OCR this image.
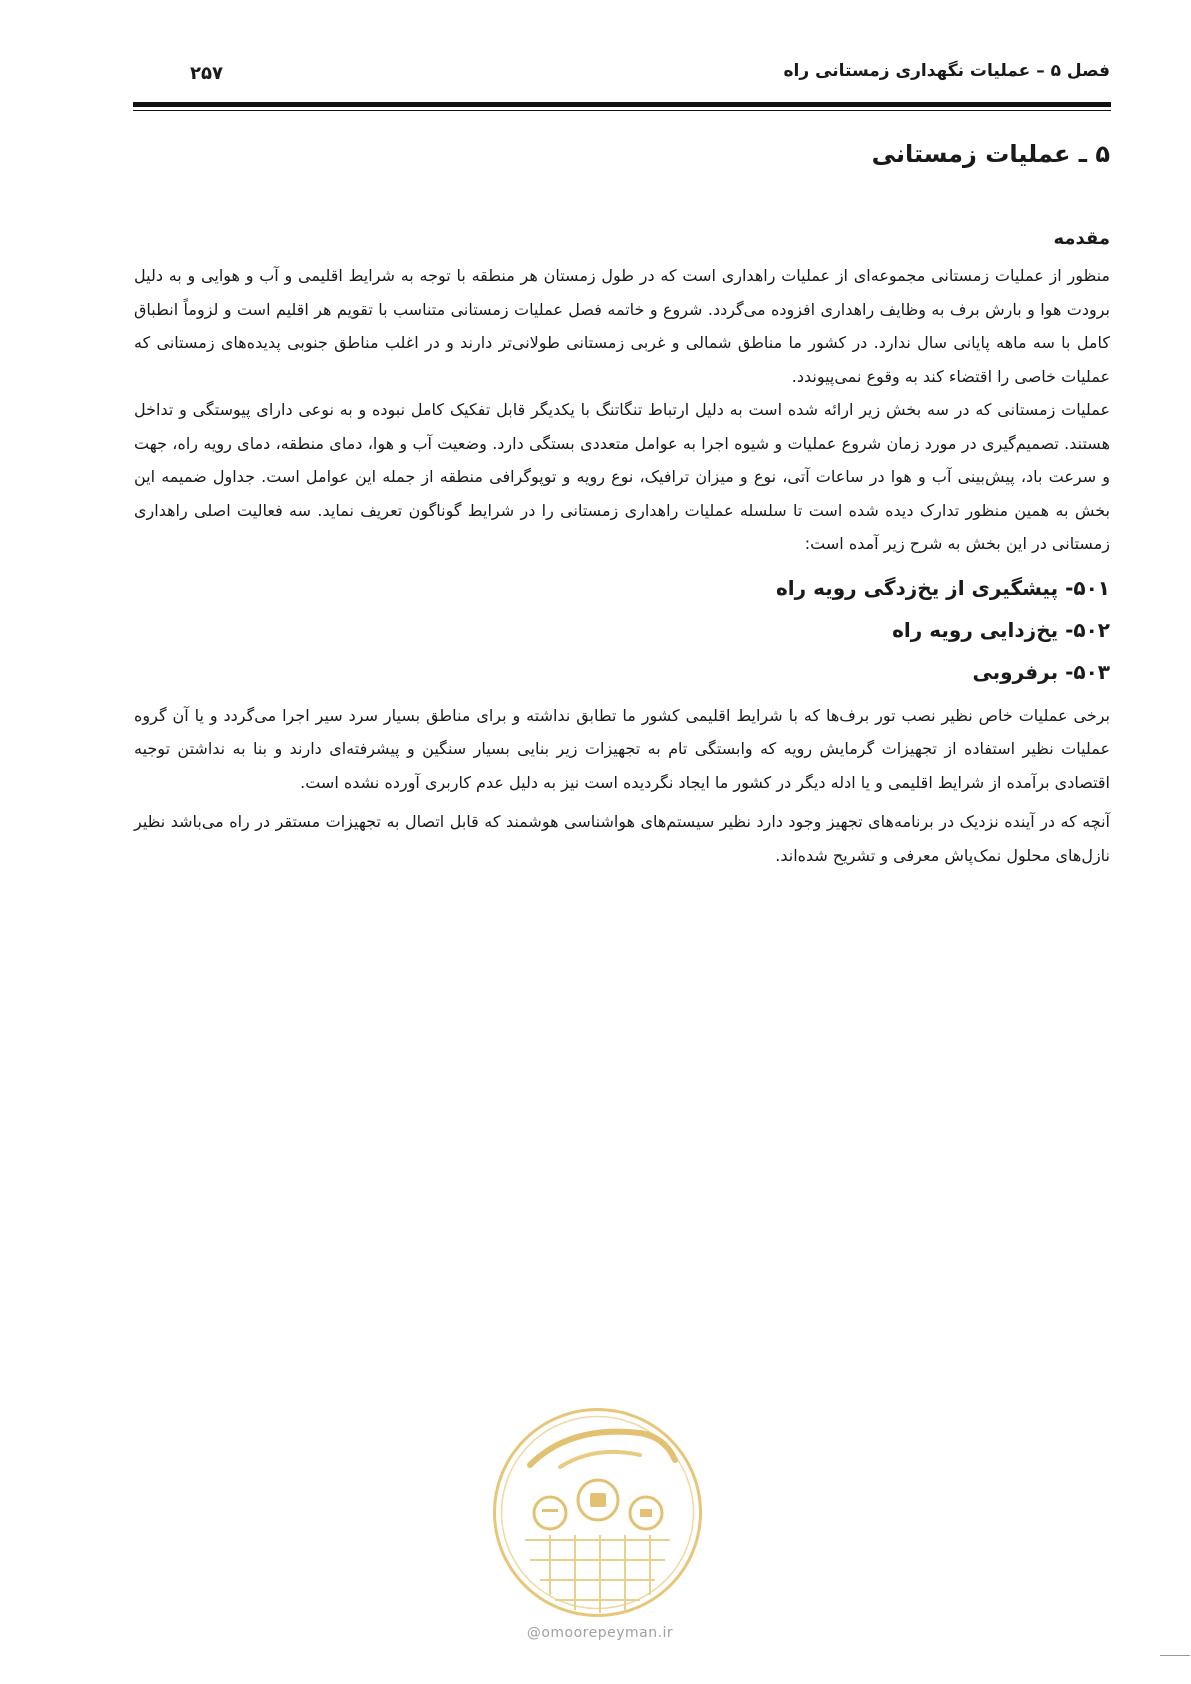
فصل ۵ – عملیات نگهداری زمستانی راه
۲۵۷
۵ ـ عملیات زمستانی
مقدمه

منظور از عملیات زمستانی مجموعه‌ای از عملیات راهداری است که در طول زمستان هر منطقه با توجه به شرایط اقلیمی و آب و هوایی و به دلیل برودت هوا و بارش برف به وظایف راهداری افزوده می‌گردد. شروع و خاتمه فصل عملیات زمستانی متناسب با تقویم هر اقلیم است و لزوماً انطباق کامل با سه ماهه پایانی سال ندارد. در کشور ما مناطق شمالی و غربی زمستانی طولانی‌تر دارند و در اغلب مناطق جنوبی پدیده‌های زمستانی که عملیات خاصی را اقتضاء کند به وقوع نمی‌پیوندد.

عملیات زمستانی که در سه بخش زیر ارائه شده است به دلیل ارتباط تنگاتنگ با یکدیگر قابل تفکیک کامل نبوده و به نوعی دارای پیوستگی و تداخل هستند. تصمیم‌گیری در مورد زمان شروع عملیات و شیوه اجرا به عوامل متعددی بستگی دارد. وضعیت آب و هوا، دمای منطقه، دمای رویه راه، جهت و سرعت باد، پیش‌بینی آب و هوا در ساعات آتی، نوع و میزان ترافیک، نوع رویه و توپوگرافی منطقه از جمله این عوامل است. جداول ضمیمه این بخش به همین منظور تدارک دیده شده است تا سلسله عملیات راهداری زمستانی را در شرایط گوناگون تعریف نماید. سه فعالیت اصلی راهداری زمستانی در این بخش به شرح زیر آمده است:

۵۰۱- پیشگیری از یخ‌زدگی رویه راه
۵۰۲- یخ‌زدایی رویه راه
۵۰۳- برفروبی

برخی عملیات خاص نظیر نصب تور برف‌ها که با شرایط اقلیمی کشور ما تطابق نداشته و برای مناطق بسیار سرد سیر اجرا می‌گردد و یا آن گروه عملیات نظیر استفاده از تجهیزات گرمایش رویه که وابستگی تام به تجهیزات زیر بنایی بسیار سنگین و پیشرفته‌ای دارند و بنا به نداشتن توجیه اقتصادی برآمده از شرایط اقلیمی و یا ادله دیگر در کشور ما ایجاد نگردیده است نیز به دلیل عدم کاربری آورده نشده است.

آنچه که در آینده نزدیک در برنامه‌های تجهیز وجود دارد نظیر سیستم‌های هواشناسی هوشمند که قابل اتصال به تجهیزات مستقر در راه می‌باشد نظیر نازل‌های محلول نمک‌پاش معرفی و تشریح شده‌اند.

@omoorepeyman.ir
